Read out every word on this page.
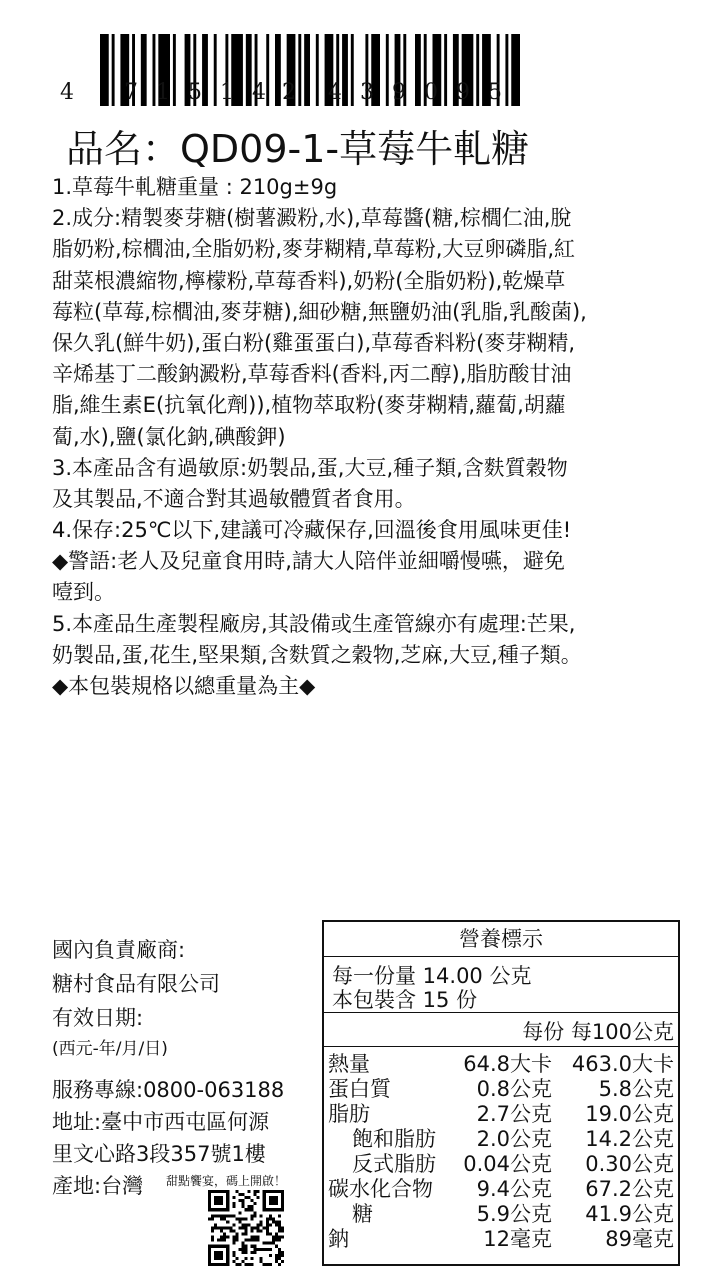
4 7 1 5 1 4 2 4 3 9 0 9 5
品名：QD09-1-草莓牛軋糖
1.草莓牛軋糖重量 : 210g±9g
2.成分:精製麥芽糖(樹薯澱粉,水),草莓醬(糖,棕櫚仁油,脫
脂奶粉,棕櫚油,全脂奶粉,麥芽糊精,草莓粉,大豆卵磷脂,紅
甜菜根濃縮物,檸檬粉,草莓香料),奶粉(全脂奶粉),乾燥草
莓粒(草莓,棕櫚油,麥芽糖),細砂糖,無鹽奶油(乳脂,乳酸菌),
保久乳(鮮牛奶),蛋白粉(雞蛋蛋白),草莓香料粉(麥芽糊精,
辛烯基丁二酸鈉澱粉,草莓香料(香料,丙二醇),脂肪酸甘油
脂,維生素E(抗氧化劑)),植物萃取粉(麥芽糊精,蘿蔔,胡蘿
蔔,水),鹽(氯化鈉,碘酸鉀)
3.本產品含有過敏原:奶製品,蛋,大豆,種子類,含麩質穀物
及其製品,不適合對其過敏體質者食用。
4.保存:25℃以下,建議可冷藏保存,回溫後食用風味更佳!
◆警語:老人及兒童食用時,請大人陪伴並細嚼慢嚥，避免
噎到。
5.本產品生產製程廠房,其設備或生產管線亦有處理:芒果,
奶製品,蛋,花生,堅果類,含麩質之穀物,芝麻,大豆,種子類。
◆本包裝規格以總重量為主◆
國內負責廠商:
糖村食品有限公司
有效日期:
(西元-年/月/日)
服務專線:0800-063188
地址:臺中市西屯區何源
里文心路3段357號1樓
產地:台灣 甜點饗宴，碼上開啟！
營養標示
每一份量 14.00 公克
本包裝含 15 份
每份 每100公克
熱量	64.8大卡 463.0大卡
蛋白質	0.8公克 5.8公克
脂肪	2.7公克 19.0公克
飽和脂肪 2.0公克 14.2公克
反式脂肪 0.04公克 0.30公克
碳水化合物 9.4公克 67.2公克
糖	5.9公克 41.9公克
鈉	12毫克	89毫克
